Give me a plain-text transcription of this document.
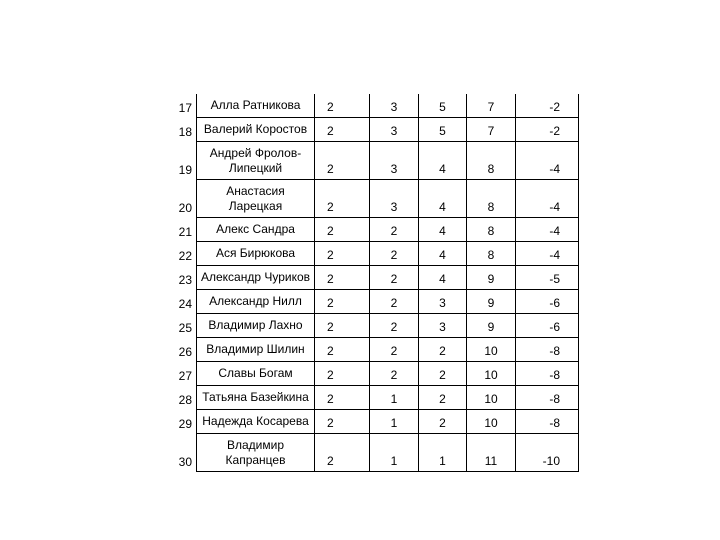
17	Алла Ратникова	2	3	5	7	-2
18	Валерий Коростов	2	3	5	7	-2
19	Андрей Фролов-Липецкий	2	3	4	8	-4
20	Анастасия Ларецкая	2	3	4	8	-4
21	Алекс Сандра	2	2	4	8	-4
22	Ася Бирюкова	2	2	4	8	-4
23	Александр Чуриков	2	2	4	9	-5
24	Александр Нилл	2	2	3	9	-6
25	Владимир Лахно	2	2	3	9	-6
26	Владимир Шилин	2	2	2	10	-8
27	Славы Богам	2	2	2	10	-8
28	Татьяна Базейкина	2	1	2	10	-8
29	Надежда Косарева	2	1	2	10	-8
30	Владимир Капранцев	2	1	1	11	-10
